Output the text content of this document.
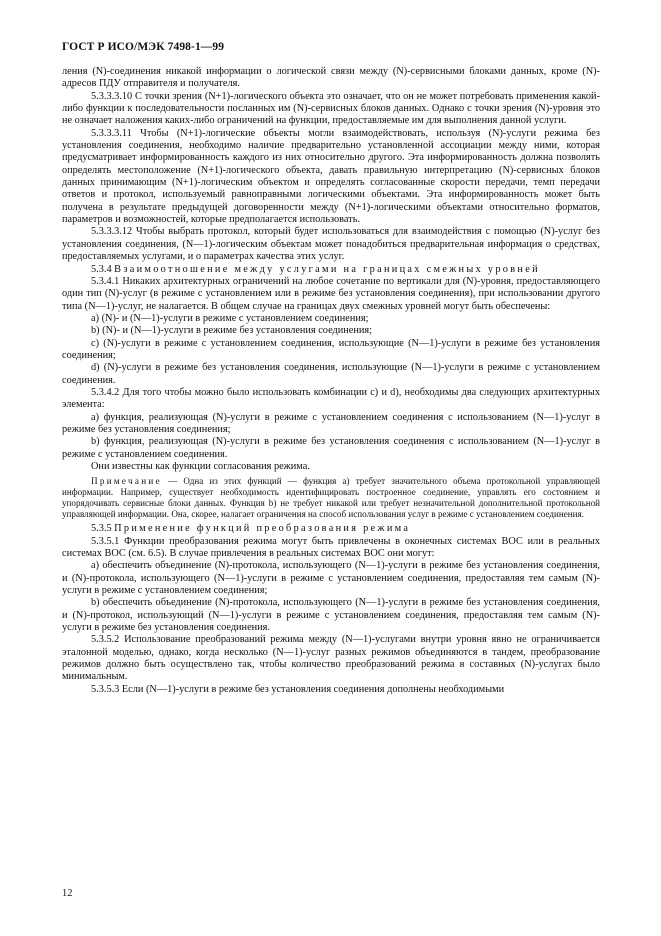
ГОСТ Р ИСО/МЭК 7498-1—99

ления (N)-соединения никакой информации о логической связи между (N)-сервисными блоками данных, кроме (N)-адресов ПДУ отправителя и получателя.

5.3.3.3.10 С точки зрения (N+1)-логического объекта это означает, что он не может потребовать применения какой-либо функции к последовательности посланных им (N)-сервисных блоков данных. Однако с точки зрения (N)-уровня это не означает наложения каких-либо ограничений на функции, предоставляемые им для выполнения данной услуги.

5.3.3.3.11 Чтобы (N+1)-логические объекты могли взаимодействовать, используя (N)-услуги режима без установления соединения, необходимо наличие предварительно установленной ассоциации между ними, которая предусматривает информированность каждого из них относительно другого. Эта информированность должна позволять определять местоположение (N+1)-логического объекта, давать правильную интерпретацию (N)-сервисных блоков данных принимающим (N+1)-логическим объектом и определять согласованные скорости передачи, темп передачи ответов и протокол, используемый равноправными логическими объектами. Эта информированность может быть получена в результате предыдущей договоренности между (N+1)-логическими объектами относительно форматов, параметров и возможностей, которые предполагается использовать.

5.3.3.3.12 Чтобы выбрать протокол, который будет использоваться для взаимодействия с помощью (N)-услуг без установления соединения, (N—1)-логическим объектам может понадобиться предварительная информация о средствах, предоставляемых услугами, и о параметрах качества этих услуг.

5.3.4 Взаимоотношение между услугами на границах смежных уровней

5.3.4.1 Никаких архитектурных ограничений на любое сочетание по вертикали для (N)-уровня, предоставляющего один тип (N)-услуг (в режиме с установлением или в режиме без установления соединения), при использовании другого типа (N—1)-услуг, не налагается. В общем случае на границах двух смежных уровней могут быть обеспечены:

a) (N)- и (N—1)-услуги в режиме с установлением соединения;

b) (N)- и (N—1)-услуги в режиме без установления соединения;

c) (N)-услуги в режиме с установлением соединения, использующие (N—1)-услуги в режиме без установления соединения;

d) (N)-услуги в режиме без установления соединения, использующие (N—1)-услуги в режиме с установлением соединения.

5.3.4.2 Для того чтобы можно было использовать комбинации с) и d), необходимы два следующих архитектурных элемента:

a) функция, реализующая (N)-услуги в режиме с установлением соединения с использованием (N—1)-услуг в режиме без установления соединения;

b) функция, реализующая (N)-услуги в режиме без установления соединения с использованием (N—1)-услуг в режиме с установлением соединения.

Они известны как функции согласования режима.

Примечание — Одна из этих функций — функция а) требует значительного объема протокольной управляющей информации. Например, существует необходимость идентифицировать построенное соединение, управлять его состоянием и упорядочивать сервисные блоки данных. Функция b) не требует никакой или требует незначительной дополнительной протокольной управляющей информации. Она, скорее, налагает ограничения на способ использования услуг в режиме с установлением соединения.

5.3.5 Применение функций преобразования режима

5.3.5.1 Функции преобразования режима могут быть привлечены в оконечных системах ВОС или в реальных системах ВОС (см. 6.5). В случае привлечения в реальных системах ВОС они могут:

a) обеспечить объединение (N)-протокола, использующего (N—1)-услуги в режиме без установления соединения, и (N)-протокола, использующего (N—1)-услуги в режиме с установлением соединения, предоставляя тем самым (N)-услуги в режиме с установлением соединения;

b) обеспечить объединение (N)-протокола, использующего (N—1)-услуги в режиме без установления соединения, и (N)-протокол, использующий (N—1)-услуги в режиме с установлением соединения, предоставляя тем самым (N)-услуги в режиме без установления соединения.

5.3.5.2 Использование преобразований режима между (N—1)-услугами внутри уровня явно не ограничивается эталонной моделью, однако, когда несколько (N—1)-услуг разных режимов объединяются в тандем, преобразование режимов должно быть осуществлено так, чтобы количество преобразований режима в составных (N)-услугах было минимальным.

5.3.5.3 Если (N—1)-услуги в режиме без установления соединения дополнены необходимыми

12
